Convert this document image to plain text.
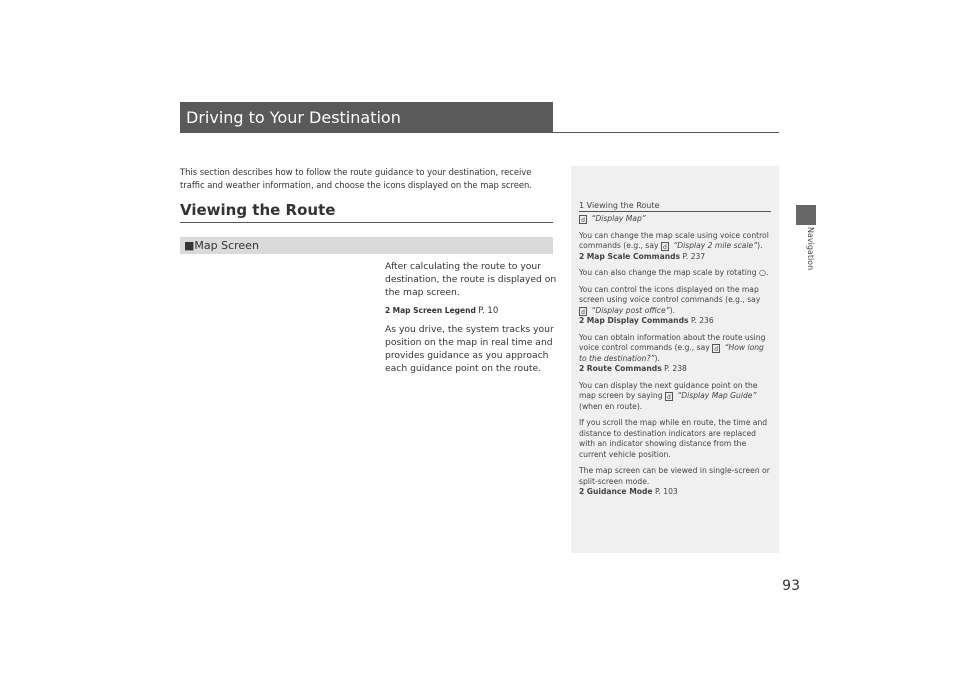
Driving to Your Destination
Navigation

This section describes how to follow the route guidance to your destination, receive

traffic and weather information, and choose the icons displayed on the map screen.

Viewing the Route
■Map Screen

After calculating the route to your destination, the route is displayed on the map screen.

2 Map Screen Legend P. 10

As you drive, the system tracks your position on the map in real time and provides guidance as you approach each guidance point on the route.

1 Viewing the Route

d “Display Map”

You can change the map scale using voice control commands (e.g., say d “Display 2 mile scale”).

2 Map Scale Commands P. 237

You can also change the map scale by rotating ○.

You can control the icons displayed on the map screen using voice control commands (e.g., say d “Display post office”).

2 Map Display Commands P. 236

You can obtain information about the route using voice control commands (e.g., say d “How long to the destination?”).

2 Route Commands P. 238

You can display the next guidance point on the map screen by saying d “Display Map Guide” (when en route).

If you scroll the map while en route, the time and distance to destination indicators are replaced with an indicator showing distance from the current vehicle position.

The map screen can be viewed in single-screen or split-screen mode.

2 Guidance Mode P. 103
93
